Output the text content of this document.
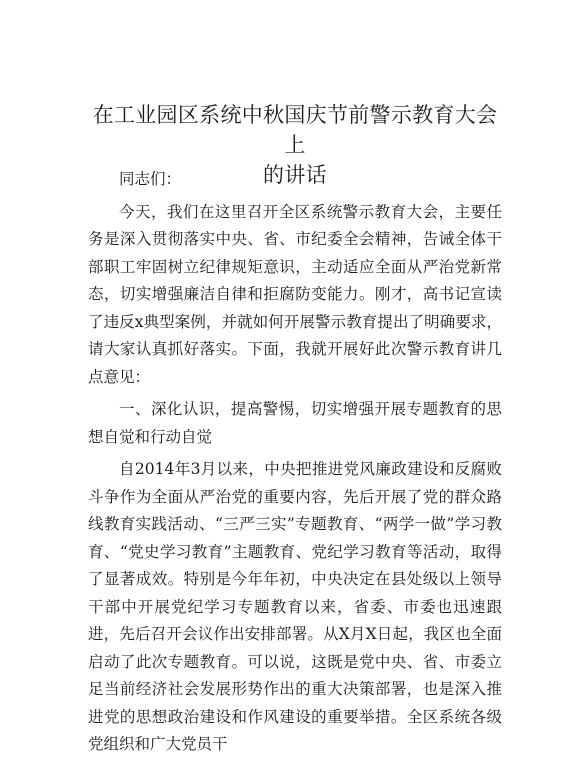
在工业园区系统中秋国庆节前警示教育大会上
的讲话

同志们：

今天，我们在这里召开全区系统警示教育大会，主要任务是深入贯彻落实中央、省、市纪委全会精神，告诫全体干部职工牢固树立纪律规矩意识，主动适应全面从严治党新常态，切实增强廉洁自律和拒腐防变能力。刚才，高书记宣读了违反x典型案例，并就如何开展警示教育提出了明确要求，请大家认真抓好落实。下面，我就开展好此次警示教育讲几点意见：

一、深化认识，提高警惕，切实增强开展专题教育的思想自觉和行动自觉

自2014年3月以来，中央把推进党风廉政建设和反腐败斗争作为全面从严治党的重要内容，先后开展了党的群众路线教育实践活动、“三严三实”专题教育、“两学一做”学习教育、“党史学习教育”主题教育、党纪学习教育等活动，取得了显著成效。特别是今年年初，中央决定在县处级以上领导干部中开展党纪学习专题教育以来，省委、市委也迅速跟进，先后召开会议作出安排部署。从X月X日起，我区也全面启动了此次专题教育。可以说，这既是党中央、省、市委立足当前经济社会发展形势作出的重大决策部署，也是深入推进党的思想政治建设和作风建设的重要举措。全区系统各级党组织和广大党员干
